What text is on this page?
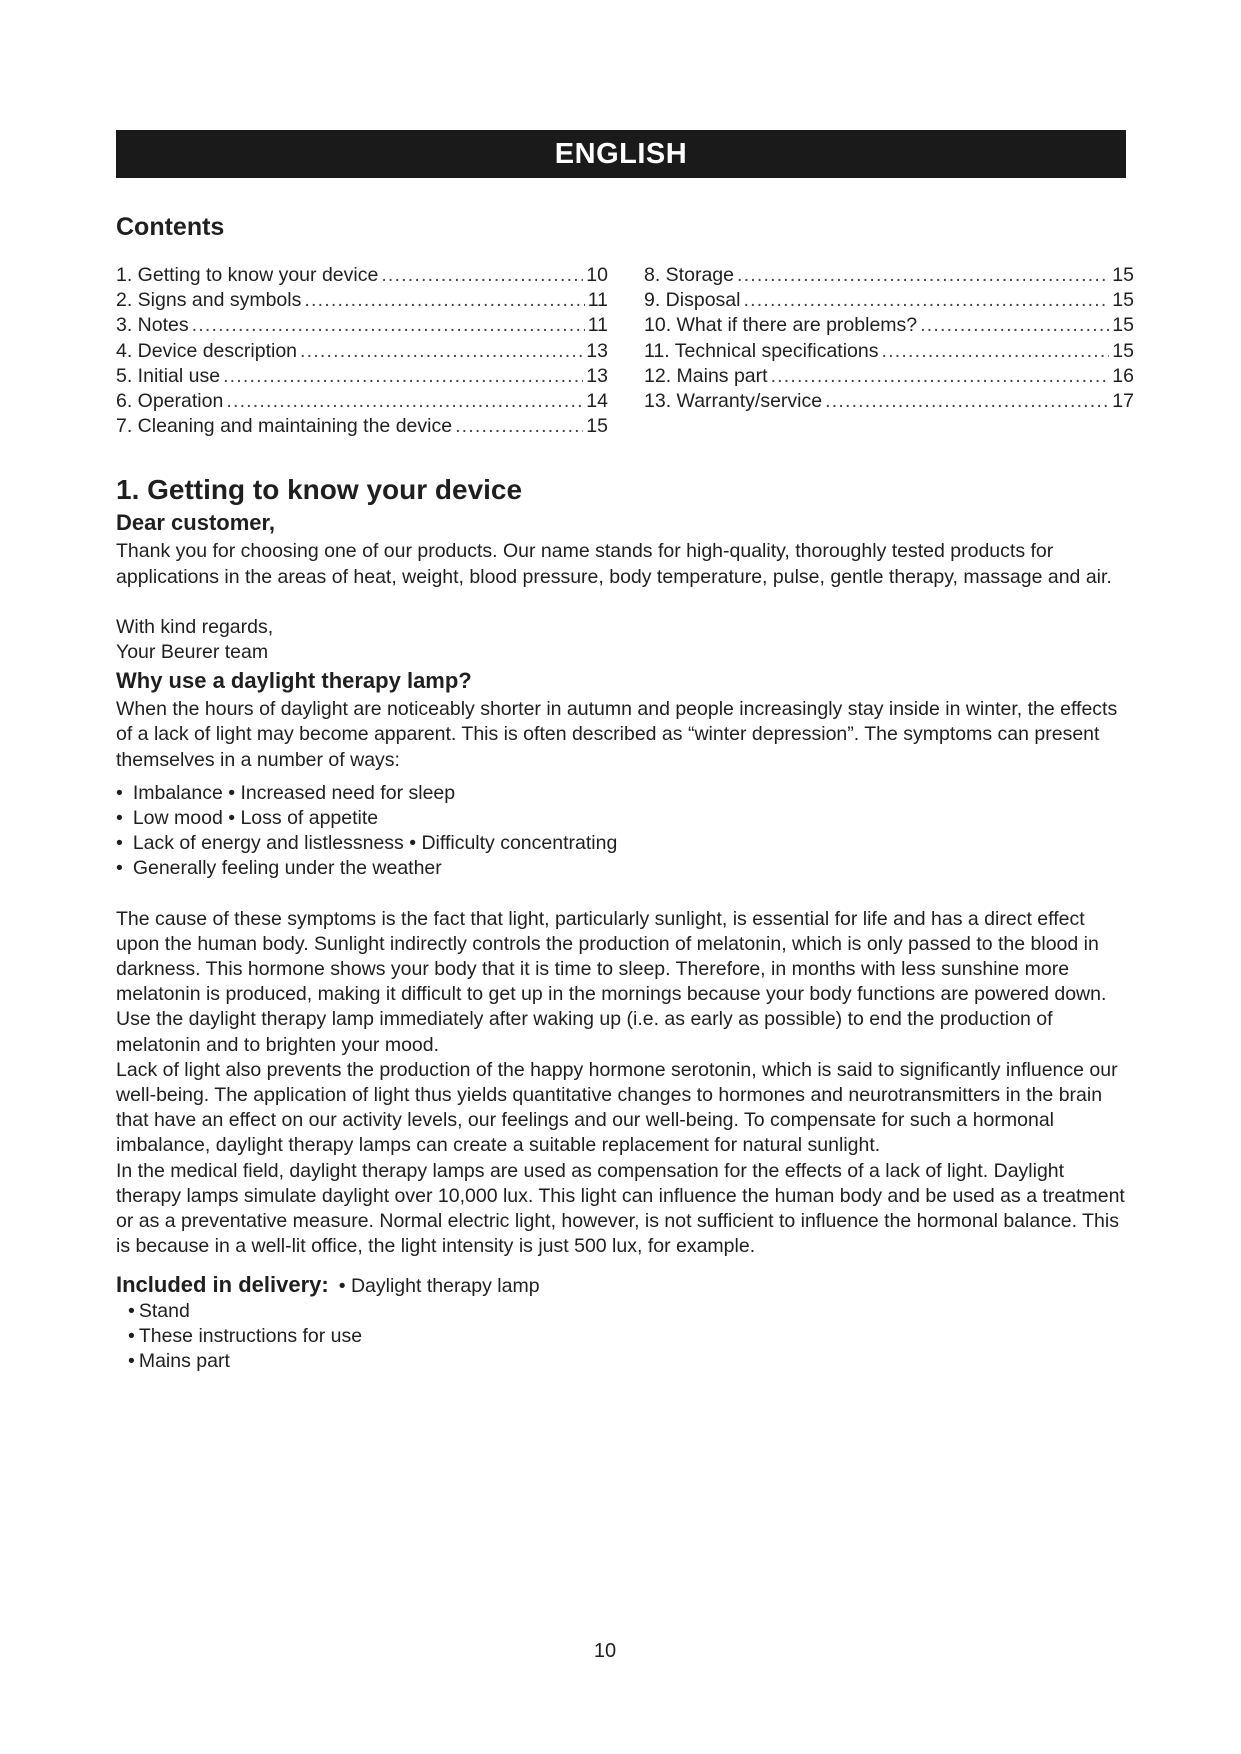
ENGLISH
Contents
1. Getting to know your device .....	10
2. Signs and symbols .....	11
3. Notes .....	11
4. Device description .....	13
5. Initial use .....	13
6. Operation .....	14
7. Cleaning and maintaining the device .....	15
8. Storage .....	15
9. Disposal .....	15
10. What if there are problems? .....	15
11. Technical specifications .....	15
12. Mains part .....	16
13. Warranty/service .....	17
1. Getting to know your device
Dear customer,

Thank you for choosing one of our products. Our name stands for high-quality, thoroughly tested products for applications in the areas of heat, weight, blood pressure, body temperature, pulse, gentle therapy, massage and air.

With kind regards,

Your Beurer team

Why use a daylight therapy lamp?

When the hours of daylight are noticeably shorter in autumn and people increasingly stay inside in winter, the effects of a lack of light may become apparent. This is often described as “winter depression”. The symptoms can present themselves in a number of ways:

• Imbalance • Increased need for sleep
• Low mood • Loss of appetite
• Lack of energy and listlessness • Difficulty concentrating
• Generally feeling under the weather

The cause of these symptoms is the fact that light, particularly sunlight, is essential for life and has a direct effect upon the human body. Sunlight indirectly controls the production of melatonin, which is only passed to the blood in darkness. This hormone shows your body that it is time to sleep. Therefore, in months with less sunshine more melatonin is produced, making it difficult to get up in the mornings because your body functions are powered down. Use the daylight therapy lamp immediately after waking up (i.e. as early as possible) to end the production of melatonin and to brighten your mood.

Lack of light also prevents the production of the happy hormone serotonin, which is said to significantly influence our well-being. The application of light thus yields quantitative changes to hormones and neurotransmitters in the brain that have an effect on our activity levels, our feelings and our well-being. To compensate for such a hormonal imbalance, daylight therapy lamps can create a suitable replacement for natural sunlight.

In the medical field, daylight therapy lamps are used as compensation for the effects of a lack of light. Daylight therapy lamps simulate daylight over 10,000 lux. This light can influence the human body and be used as a treatment or as a preventative measure. Normal electric light, however, is not sufficient to influence the hormonal balance. This is because in a well-lit office, the light intensity is just 500 lux, for example.

Included in delivery: • Daylight therapy lamp
• Stand
• These instructions for use
• Mains part
10
